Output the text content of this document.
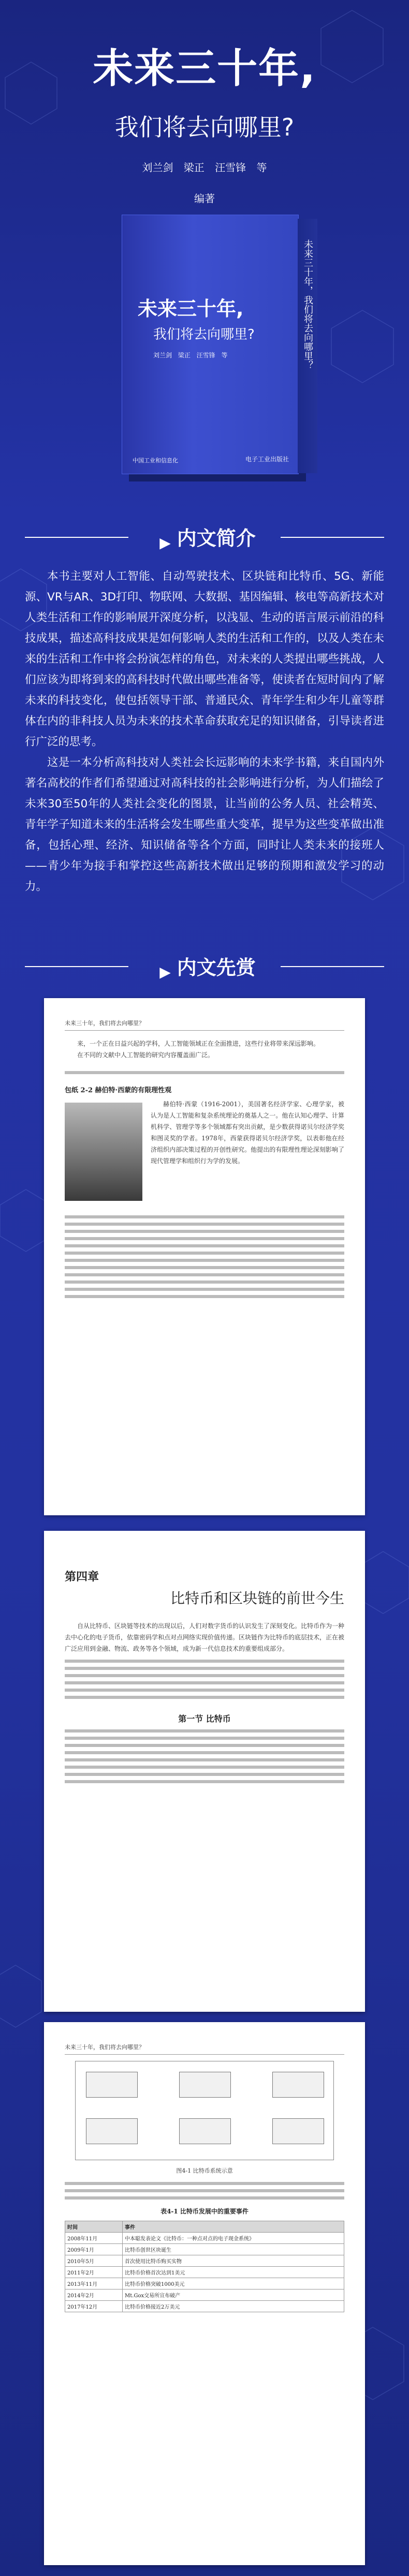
未来三十年,
我们将去向哪里?
刘兰剑 梁正 汪雪锋 等
编著
未来三十年,
我们将去向哪里?
刘兰剑 梁正 汪雪锋 等
中国工业和信息化	电子工业出版社
未来三十年，我们将去向哪里？
▶ 内文简介

本书主要对人工智能、自动驾驶技术、区块链和比特币、5G、新能源、VR与AR、3D打印、物联网、大数据、基因编辑、核电等高新技术对人类生活和工作的影响展开深度分析，以浅显、生动的语言展示前沿的科技成果，描述高科技成果是如何影响人类的生活和工作的，以及人类在未来的生活和工作中将会扮演怎样的角色，对未来的人类提出哪些挑战，人们应该为即将到来的高科技时代做出哪些准备等，使读者在短时间内了解未来的科技变化，使包括领导干部、普通民众、青年学生和少年儿童等群体在内的非科技人员为未来的技术革命获取充足的知识储备，引导读者进行广泛的思考。

这是一本分析高科技对人类社会长远影响的未来学书籍，来自国内外著名高校的作者们希望通过对高科技的社会影响进行分析，为人们描绘了未来30至50年的人类社会变化的图景，让当前的公务人员、社会精英、青年学子知道未来的生活将会发生哪些重大变革，提早为这些变革做出准备，包括心理、经济、知识储备等各个方面，同时让人类未来的接班人——青少年为接手和掌控这些高新技术做出足够的预期和激发学习的动力。

▶ 内文先赏
未来三十年，我们将去向哪里？

来，一个正在日益兴起的学科，人工智能领域正在全面推进，这些行业将带来深远影响。

在不同的文献中人工智能的研究内容覆盖面广泛。

包纸 2-2 赫伯特·西蒙的有限理性观

赫伯特·西蒙（1916-2001），美国著名经济学家、心理学家，被认为是人工智能和复杂系统理论的奠基人之一。他在认知心理学、计算机科学、管理学等多个领域都有突出贡献，是少数获得诺贝尔经济学奖和图灵奖的学者。1978年，西蒙获得诺贝尔经济学奖，以表彰他在经济组织内部决策过程的开创性研究。他提出的有限理性理论深刻影响了现代管理学和组织行为学的发展。

第四章
比特币和区块链的前世今生

自从比特币、区块链等技术的出现以后，人们对数字货币的认识发生了深刻变化。比特币作为一种去中心化的电子货币，依靠密码学和点对点网络实现价值传递。区块链作为比特币的底层技术，正在被广泛应用到金融、物流、政务等各个领域，成为新一代信息技术的重要组成部分。

第一节 比特币
未来三十年，我们将去向哪里？
图4-1 比特币系统示意
表4-1 比特币发展中的重要事件
时间	事件
2008年11月	中本聪发表论文《比特币：一种点对点的电子现金系统》
2009年1月	比特币创世区块诞生
2010年5月	首次使用比特币购买实物
2011年2月	比特币价格首次达到1美元
2013年11月	比特币价格突破1000美元
2014年2月	Mt.Gox交易所宣布破产
2017年12月	比特币价格接近2万美元
